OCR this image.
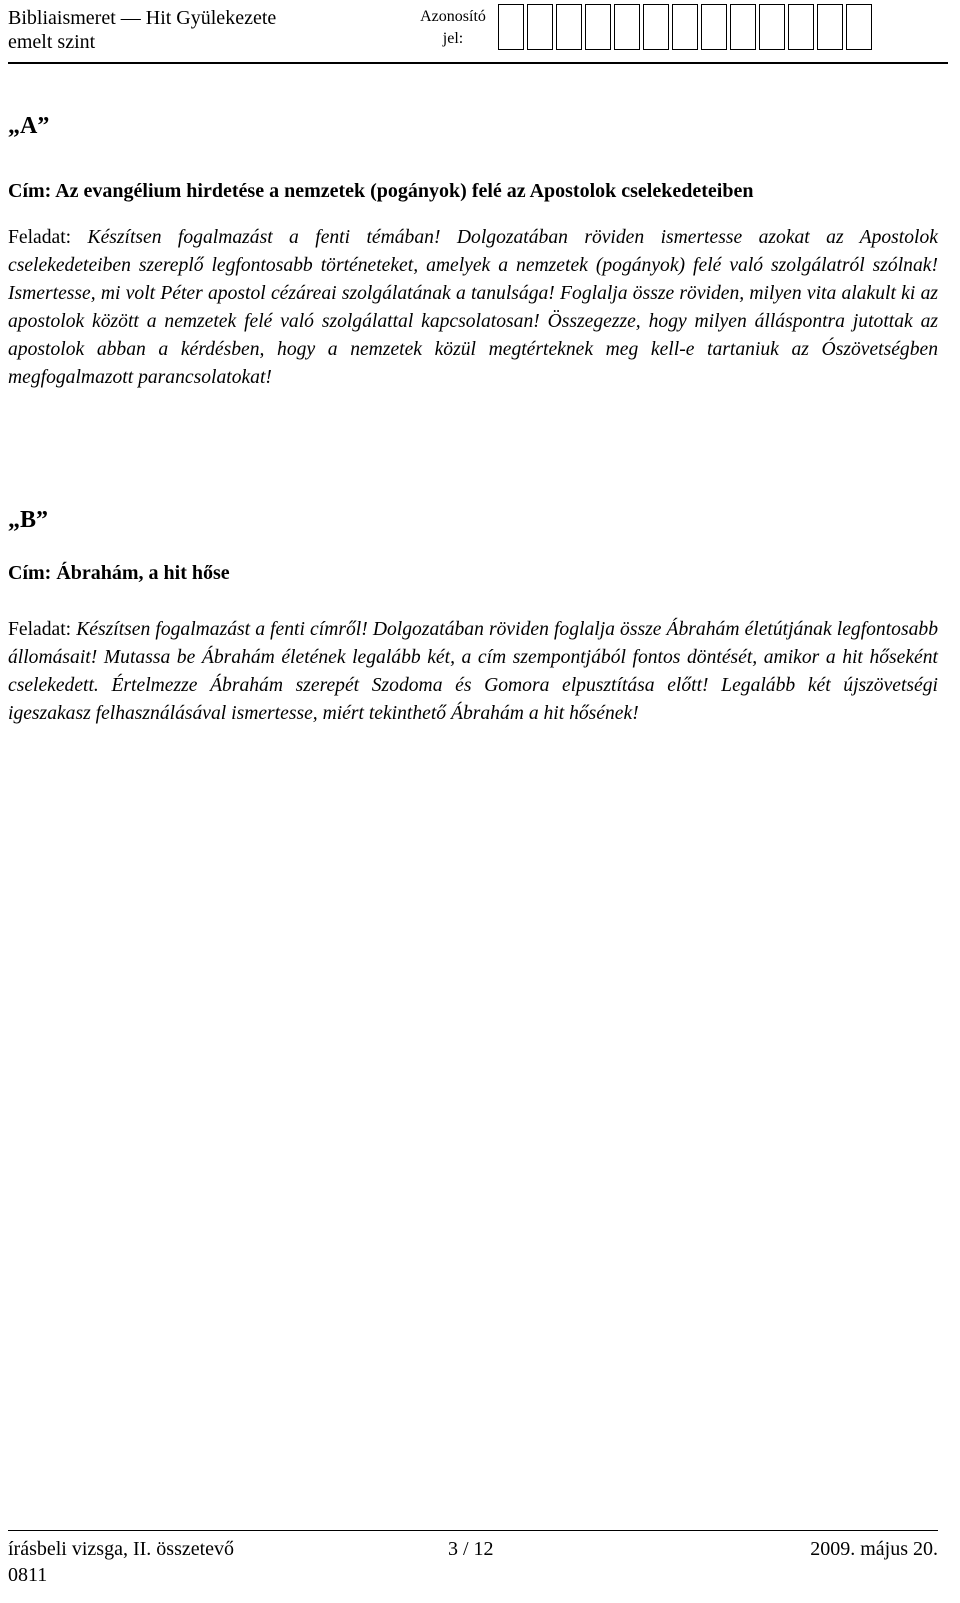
Bibliaismeret — Hit Gyülekezete
emelt szint
Azonosító
jel:
„A”
Cím: Az evangélium hirdetése a nemzetek (pogányok) felé az Apostolok cselekedeteiben
Feladat: Készítsen fogalmazást a fenti témában! Dolgozatában röviden ismertesse azokat az Apostolok cselekedeteiben szereplő legfontosabb történeteket, amelyek a nemzetek (pogányok) felé való szolgálatról szólnak! Ismertesse, mi volt Péter apostol cézáreai szolgálatának a tanulsága! Foglalja össze röviden, milyen vita alakult ki az apostolok között a nemzetek felé való szolgálattal kapcsolatosan! Összegezze, hogy milyen álláspontra jutottak az apostolok abban a kérdésben, hogy a nemzetek közül megtérteknek meg kell-e tartaniuk az Ószövetségben megfogalmazott parancsolatokat!
„B”
Cím: Ábrahám, a hit hőse
Feladat: Készítsen fogalmazást a fenti címről! Dolgozatában röviden foglalja össze Ábrahám életútjának legfontosabb állomásait! Mutassa be Ábrahám életének legalább két, a cím szempontjából fontos döntését, amikor a hit hőseként cselekedett. Értelmezze Ábrahám szerepét Szodoma és Gomora elpusztítása előtt! Legalább két újszövetségi igeszakasz felhasználásával ismertesse, miért tekinthető Ábrahám a hit hősének!
írásbeli vizsga, II. összetevő
0811
3 / 12	2009. május 20.
